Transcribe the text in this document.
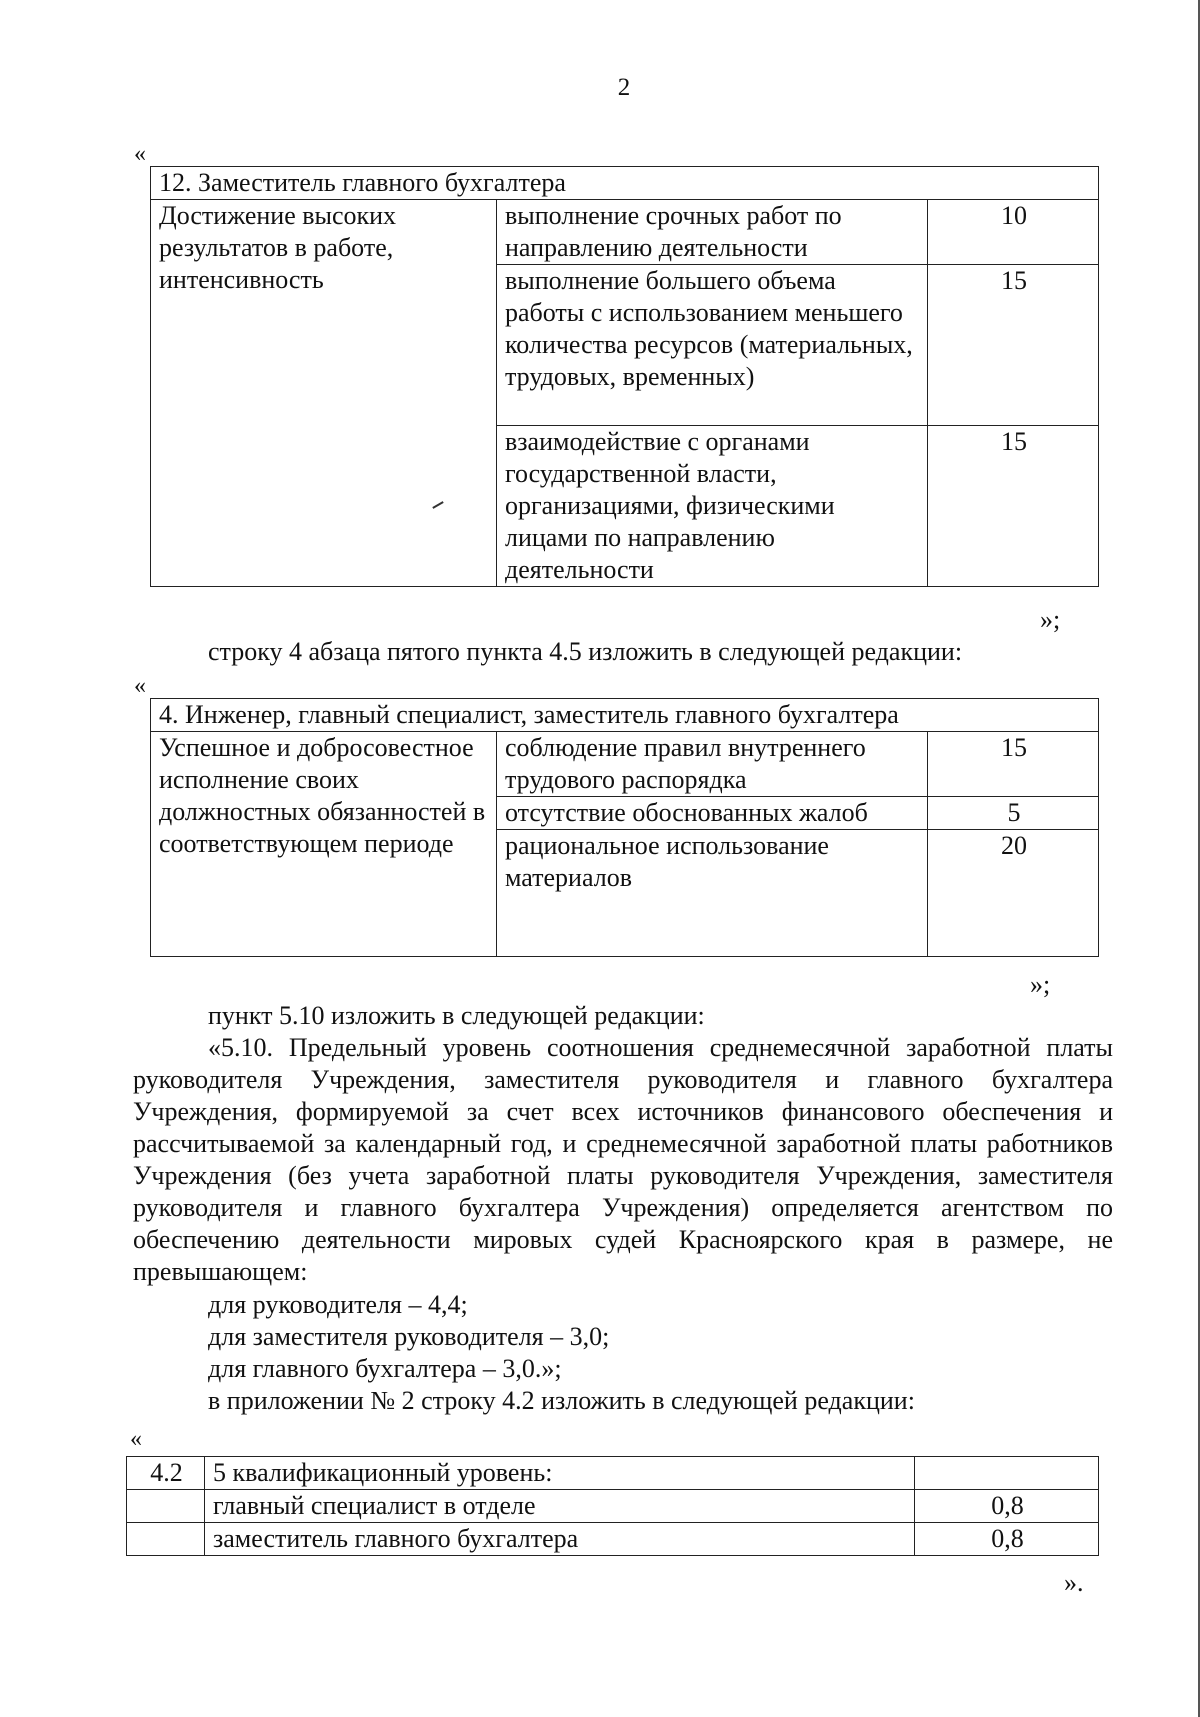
2
«
12. Заместитель главного бухгалтера		
Достижение высоких результатов в работе, интенсивность	выполнение срочных работ по направлению деятельности	10
	выполнение большего объема работы с использованием меньшего количества ресурсов (материальных, трудовых, временных)	15
	взаимодействие с органами государственной власти, организациями, физическими лицами по направлению деятельности	15
»;
строку 4 абзаца пятого пункта 4.5 изложить в следующей редакции:
«
4. Инженер, главный специалист, заместитель главного бухгалтера		
Успешное и добросовестное исполнение своих должностных обязанностей в соответствующем периоде	соблюдение правил внутреннего трудового распорядка	15
	отсутствие обоснованных жалоб	5
	рациональное использование материалов	20
»;
пункт 5.10 изложить в следующей редакции:
«5.10. Предельный уровень соотношения среднемесячной заработной платы руководителя Учреждения, заместителя руководителя и главного бухгалтера Учреждения, формируемой за счет всех источников финансового обеспечения и рассчитываемой за календарный год, и среднемесячной заработной платы работников Учреждения (без учета заработной платы руководителя Учреждения, заместителя руководителя и главного бухгалтера Учреждения) определяется агентством по обеспечению деятельности мировых судей Красноярского края в размере, не превышающем:
для руководителя – 4,4;
для заместителя руководителя – 3,0;
для главного бухгалтера – 3,0.»;
в приложении № 2 строку 4.2 изложить в следующей редакции:
«
4.2	5 квалификационный уровень:	
	главный специалист в отделе	0,8
	заместитель главного бухгалтера	0,8
».
